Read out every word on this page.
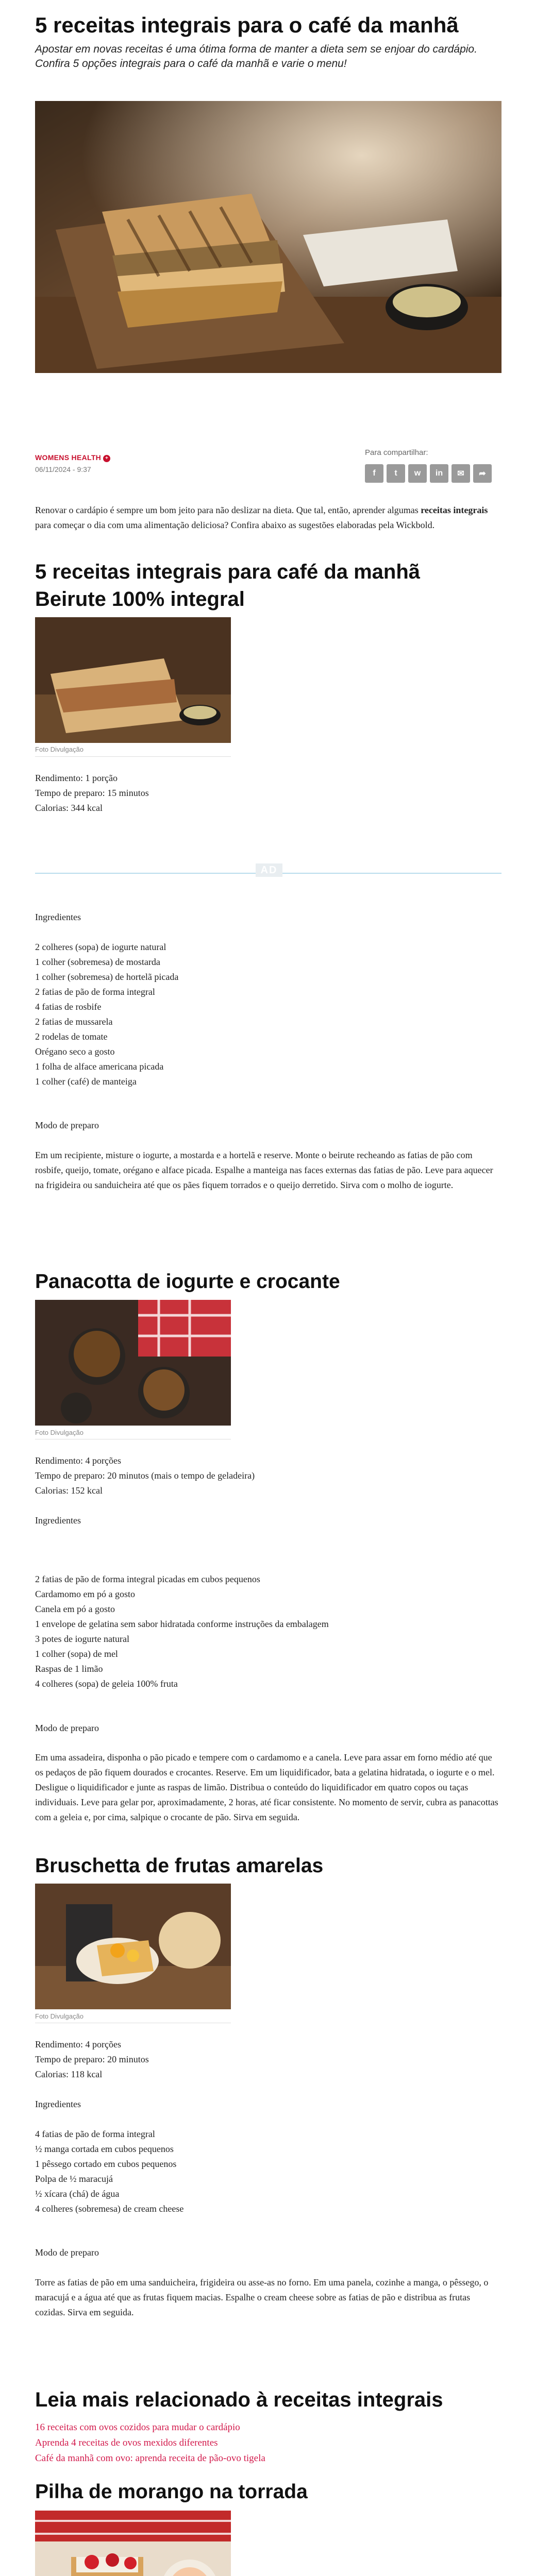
5 receitas integrais para o café da manhã
Apostar em novas receitas é uma ótima forma de manter a dieta sem se enjoar do cardápio. Confira 5 opções integrais para o café da manhã e varie o menu!
WOMENS HEALTH +
06/11/2024 - 9:37
Para compartilhar:
f	t	w	in	✉	➦
Renovar o cardápio é sempre um bom jeito para não deslizar na dieta. Que tal, então, aprender algumas receitas integrais para começar o dia com uma alimentação deliciosa? Confira abaixo as sugestões elaboradas pela Wickbold.
5 receitas integrais para café da manhã
Beirute 100% integral
Foto Divulgação
Rendimento: 1 porção
Tempo de preparo: 15 minutos
Calorias: 344 kcal
AD
Ingredientes
2 colheres (sopa) de iogurte natural
1 colher (sobremesa) de mostarda
1 colher (sobremesa) de hortelã picada
2 fatias de pão de forma integral
4 fatias de rosbife
2 fatias de mussarela
2 rodelas de tomate
Orégano seco a gosto
1 folha de alface americana picada
1 colher (café) de manteiga
Modo de preparo
Em um recipiente, misture o iogurte, a mostarda e a hortelã e reserve. Monte o beirute recheando as fatias de pão com rosbife, queijo, tomate, orégano e alface picada. Espalhe a manteiga nas faces externas das fatias de pão. Leve para aquecer na frigideira ou sanduicheira até que os pães fiquem torrados e o queijo derretido. Sirva com o molho de iogurte.
Panacotta de iogurte e crocante
Foto Divulgação
Rendimento: 4 porções
Tempo de preparo: 20 minutos (mais o tempo de geladeira)
Calorias: 152 kcal
Ingredientes
2 fatias de pão de forma integral picadas em cubos pequenos
Cardamomo em pó a gosto
Canela em pó a gosto
1 envelope de gelatina sem sabor hidratada conforme instruções da embalagem
3 potes de iogurte natural
1 colher (sopa) de mel
Raspas de 1 limão
4 colheres (sopa) de geleia 100% fruta
Modo de preparo
Em uma assadeira, disponha o pão picado e tempere com o cardamomo e a canela. Leve para assar em forno médio até que os pedaços de pão fiquem dourados e crocantes. Reserve. Em um liquidificador, bata a gelatina hidratada, o iogurte e o mel. Desligue o liquidificador e junte as raspas de limão. Distribua o conteúdo do liquidificador em quatro copos ou taças individuais. Leve para gelar por, aproximadamente, 2 horas, até ficar consistente. No momento de servir, cubra as panacottas com a geleia e, por cima, salpique o crocante de pão. Sirva em seguida.
Bruschetta de frutas amarelas
Foto Divulgação
Rendimento: 4 porções
Tempo de preparo: 20 minutos
Calorias: 118 kcal
Ingredientes
4 fatias de pão de forma integral
½ manga cortada em cubos pequenos
1 pêssego cortado em cubos pequenos
Polpa de ½ maracujá
½ xícara (chá) de água
4 colheres (sobremesa) de cream cheese
Modo de preparo
Torre as fatias de pão em uma sanduicheira, frigideira ou asse-as no forno. Em uma panela, cozinhe a manga, o pêssego, o maracujá e a água até que as frutas fiquem macias. Espalhe o cream cheese sobre as fatias de pão e distribua as frutas cozidas. Sirva em seguida.
Leia mais relacionado à receitas integrais
16 receitas com ovos cozidos para mudar o cardápio
Aprenda 4 receitas de ovos mexidos diferentes
Café da manhã com ovo: aprenda receita de pão-ovo tigela
Pilha de morango na torrada
